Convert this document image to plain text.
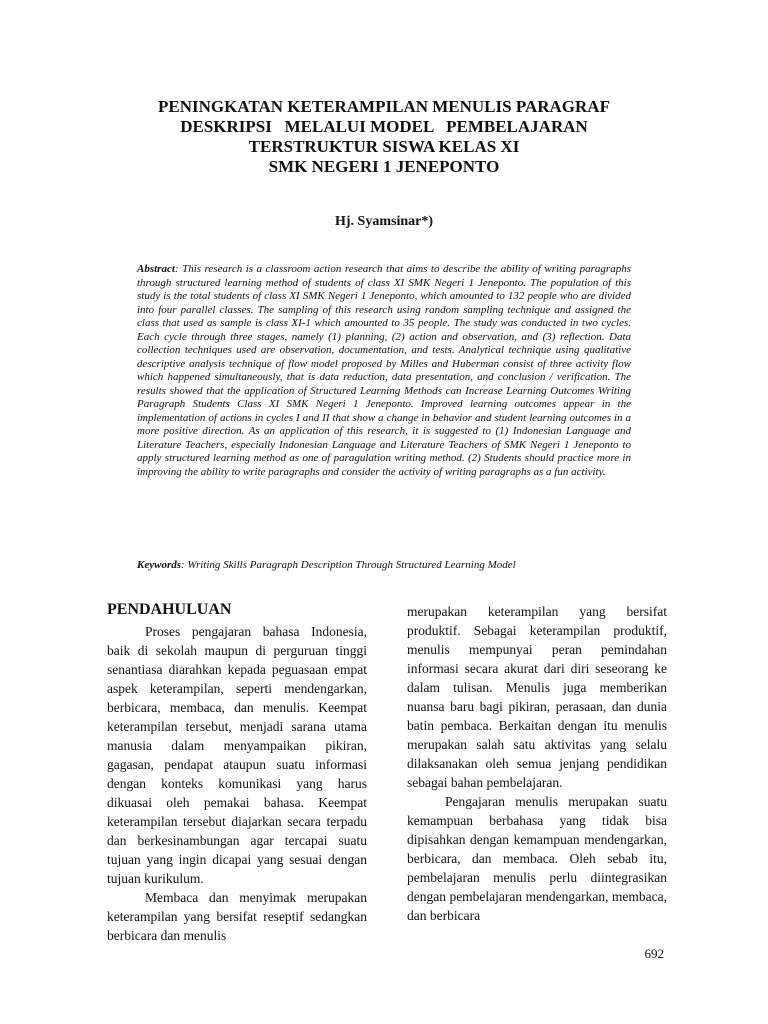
PENINGKATAN KETERAMPILAN MENULIS PARAGRAF
DESKRIPSI   MELALUI MODEL   PEMBELAJARAN
TERSTRUKTUR SISWA KELAS XI
SMK NEGERI 1 JENEPONTO

Hj. Syamsinar*)

Abstract: This research is a classroom action research that aims to describe the ability of writing paragraphs through structured learning method of students of class XI SMK Negeri 1 Jeneponto. The population of this study is the total students of class XI SMK Negeri 1 Jeneponto, which amounted to 132 people who are divided into four parallel classes. The sampling of this research using random sampling technique and assigned the class that used as sample is class XI-1 which amounted to 35 people. The study was conducted in two cycles. Each cycle through three stages, namely (1) planning, (2) action and observation, and (3) reflection. Data collection techniques used are observation, documentation, and tests. Analytical technique using qualitative descriptive analysis technique of flow model proposed by Milles and Huberman consist of three activity flow which happened simultaneously, that is data reduction, data presentation, and conclusion / verification. The results showed that the application of Structured Learning Methods can Increase Learning Outcomes Writing Paragraph Students Class XI SMK Negeri 1 Jeneponto. Improved learning outcomes appear in the implementation of actions in cycles I and II that show a change in behavior and student learning outcomes in a more positive direction. As an application of this research, it is suggested to (1) Indonesian Language and Literature Teachers, especially Indonesian Language and Literature Teachers of SMK Negeri 1 Jeneponto to apply structured learning method as one of paragulation writing method. (2) Students should practice more in improving the ability to write paragraphs and consider the activity of writing paragraphs as a fun activity.

Keywords: Writing Skills Paragraph Description Through Structured Learning Model

PENDAHULUAN

Proses pengajaran bahasa Indonesia, baik di sekolah maupun di perguruan tinggi senantiasa diarahkan kepada peguasaan empat aspek keterampilan, seperti mendengarkan, berbicara, membaca, dan menulis. Keempat keterampilan tersebut, menjadi sarana utama manusia dalam menyampaikan pikiran, gagasan, pendapat ataupun suatu informasi dengan konteks komunikasi yang harus dikuasai oleh pemakai bahasa. Keempat keterampilan tersebut diajarkan secara terpadu dan berkesinambungan agar tercapai suatu tujuan yang ingin dicapai yang sesuai dengan tujuan kurikulum.

Membaca dan menyimak merupakan keterampilan yang bersifat reseptif sedangkan berbicara dan menulis

merupakan keterampilan yang bersifat produktif. Sebagai keterampilan produktif, menulis mempunyai peran pemindahan informasi secara akurat dari diri seseorang ke dalam tulisan. Menulis juga memberikan nuansa baru bagi pikiran, perasaan, dan dunia batin pembaca. Berkaitan dengan itu menulis merupakan salah satu aktivitas yang selalu dilaksanakan oleh semua jenjang pendidikan sebagai bahan pembelajaran.

Pengajaran menulis merupakan suatu kemampuan berbahasa yang tidak bisa dipisahkan dengan kemampuan mendengarkan, berbicara, dan membaca. Oleh sebab itu, pembelajaran menulis perlu diintegrasikan dengan pembelajaran mendengarkan, membaca, dan berbicara

692
